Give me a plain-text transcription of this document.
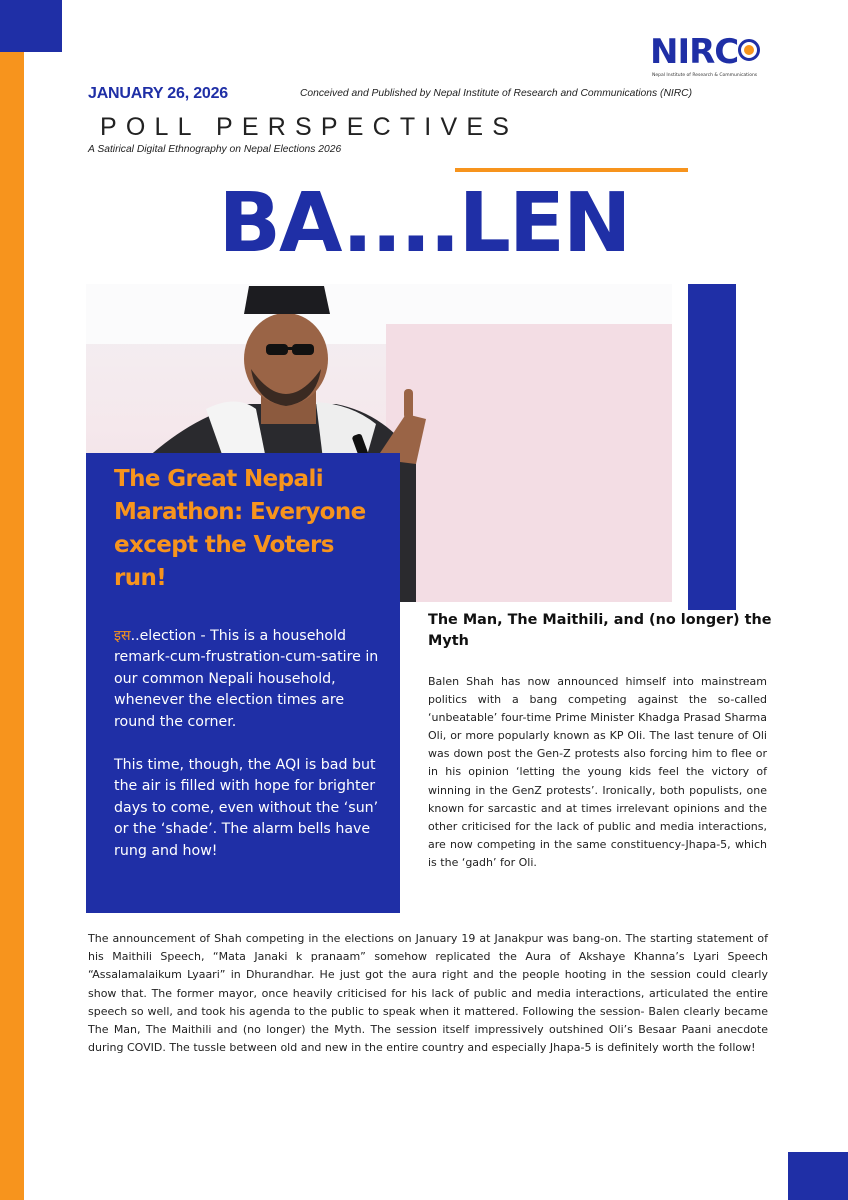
NIRC
Nepal Institute of Research & Communications
JANUARY 26, 2026	Conceived and Published by Nepal Institute of Research and Communications (NIRC)
POLL PERSPECTIVES
A Satirical Digital Ethnography on Nepal Elections 2026
BA....LEN
The Great Nepali Marathon: Everyone except the Voters run!
इस..election - This is a household remark-cum-frustration-cum-satire in our common Nepali household, whenever the election times are round the corner.
This time, though, the AQI is bad but the air is filled with hope for brighter days to come, even without the ‘sun’ or the ‘shade’. The alarm bells have rung and how!
The Man, The Maithili, and (no longer) the Myth
Balen Shah has now announced himself into mainstream politics with a bang competing against the so-called ‘unbeatable’ four-time Prime Minister Khadga Prasad Sharma Oli, or more popularly known as KP Oli. The last tenure of Oli was down post the Gen-Z protests also forcing him to flee or in his opinion ‘letting the young kids feel the victory of winning in the GenZ protests’. Ironically, both populists, one known for sarcastic and at times irrelevant opinions and the other criticised for the lack of public and media interactions, are now competing in the same constituency-Jhapa-5, which is the ‘gadh’ for Oli.
The announcement of Shah competing in the elections on January 19 at Janakpur was bang-on. The starting statement of his Maithili Speech, “Mata Janaki k pranaam” somehow replicated the Aura of Akshaye Khanna’s Lyari Speech “Assalamalaikum Lyaari” in Dhurandhar. He just got the aura right and the people hooting in the session could clearly show that. The former mayor, once heavily criticised for his lack of public and media interactions, articulated the entire speech so well, and took his agenda to the public to speak when it mattered. Following the session- Balen clearly became The Man, The Maithili and (no longer) the Myth. The session itself impressively outshined Oli’s Besaar Paani anecdote during COVID. The tussle between old and new in the entire country and especially Jhapa-5 is definitely worth the follow!
